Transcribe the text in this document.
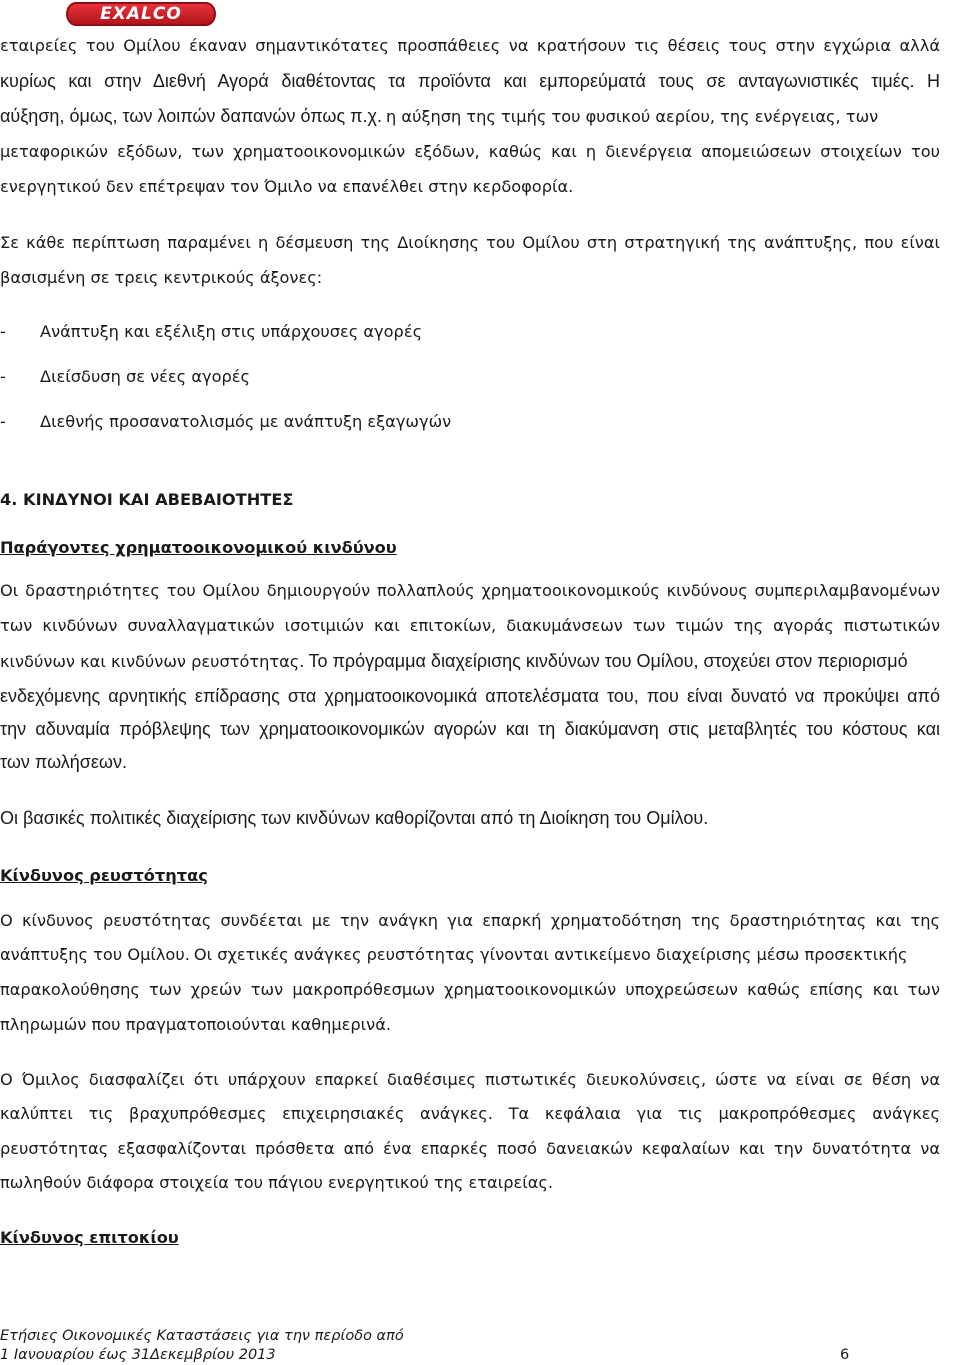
EXALCO
εταιρείες του Ομίλου έκαναν σημαντικότατες προσπάθειες να κρατήσουν τις θέσεις τους στην εγχώρια αλλά
κυρίως και στην Διεθνή Αγορά διαθέτοντας τα προϊόντα και εμπορεύματά τους σε ανταγωνιστικές τιμές. Η
αύξηση, όμως, των λοιπών δαπανών όπως π.χ. η αύξηση της τιμής του φυσικού αερίου, της ενέργειας, των
μεταφορικών εξόδων, των χρηματοοικονομικών εξόδων, καθώς και η διενέργεια απομειώσεων στοιχείων του
ενεργητικού δεν επέτρεψαν τον Όμιλο να επανέλθει στην κερδοφορία.
Σε κάθε περίπτωση παραμένει η δέσμευση της Διοίκησης του Ομίλου στη στρατηγική της ανάπτυξης, που είναι
βασισμένη σε τρεις κεντρικούς άξονες:
- Ανάπτυξη και εξέλιξη στις υπάρχουσες αγορές
- Διείσδυση σε νέες αγορές
- Διεθνής προσανατολισμός με ανάπτυξη εξαγωγών
4. ΚΙΝΔΥΝΟΙ ΚΑΙ ΑΒΕΒΑΙΟΤΗΤΕΣ
Παράγοντες χρηματοοικονομικού κινδύνου
Οι δραστηριότητες του Ομίλου δημιουργούν πολλαπλούς χρηματοοικονομικούς κινδύνους συμπεριλαμβανομένων
των κινδύνων συναλλαγματικών ισοτιμιών και επιτοκίων, διακυμάνσεων των τιμών της αγοράς πιστωτικών
κινδύνων και κινδύνων ρευστότητας. Το πρόγραμμα διαχείρισης κινδύνων του Ομίλου, στοχεύει στον περιορισμό
ενδεχόμενης αρνητικής επίδρασης στα χρηματοοικονομικά αποτελέσματα του, που είναι δυνατό να προκύψει από
την αδυναμία πρόβλεψης των χρηματοοικονομικών αγορών και τη διακύμανση στις μεταβλητές του κόστους και
των πωλήσεων.
Οι βασικές πολιτικές διαχείρισης των κινδύνων καθορίζονται από τη Διοίκηση του Ομίλου.
Κίνδυνος ρευστότητας
Ο κίνδυνος ρευστότητας συνδέεται με την ανάγκη για επαρκή χρηματοδότηση της δραστηριότητας και της
ανάπτυξης του Ομίλου. Οι σχετικές ανάγκες ρευστότητας γίνονται αντικείμενο διαχείρισης μέσω προσεκτικής
παρακολούθησης των χρεών των μακροπρόθεσμων χρηματοοικονομικών υποχρεώσεων καθώς επίσης και των
πληρωμών που πραγματοποιούνται καθημερινά.
Ο Όμιλος διασφαλίζει ότι υπάρχουν επαρκεί διαθέσιμες πιστωτικές διευκολύνσεις, ώστε να είναι σε θέση να
καλύπτει τις βραχυπρόθεσμες επιχειρησιακές ανάγκες. Τα κεφάλαια για τις μακροπρόθεσμες ανάγκες
ρευστότητας εξασφαλίζονται πρόσθετα από ένα επαρκές ποσό δανειακών κεφαλαίων και την δυνατότητα να
πωληθούν διάφορα στοιχεία του πάγιου ενεργητικού της εταιρείας.
Κίνδυνος επιτοκίου
Ετήσιες Οικονομικές Καταστάσεις για την περίοδο από
1 Ιανουαρίου έως 31Δεκεμβρίου 2013	6
